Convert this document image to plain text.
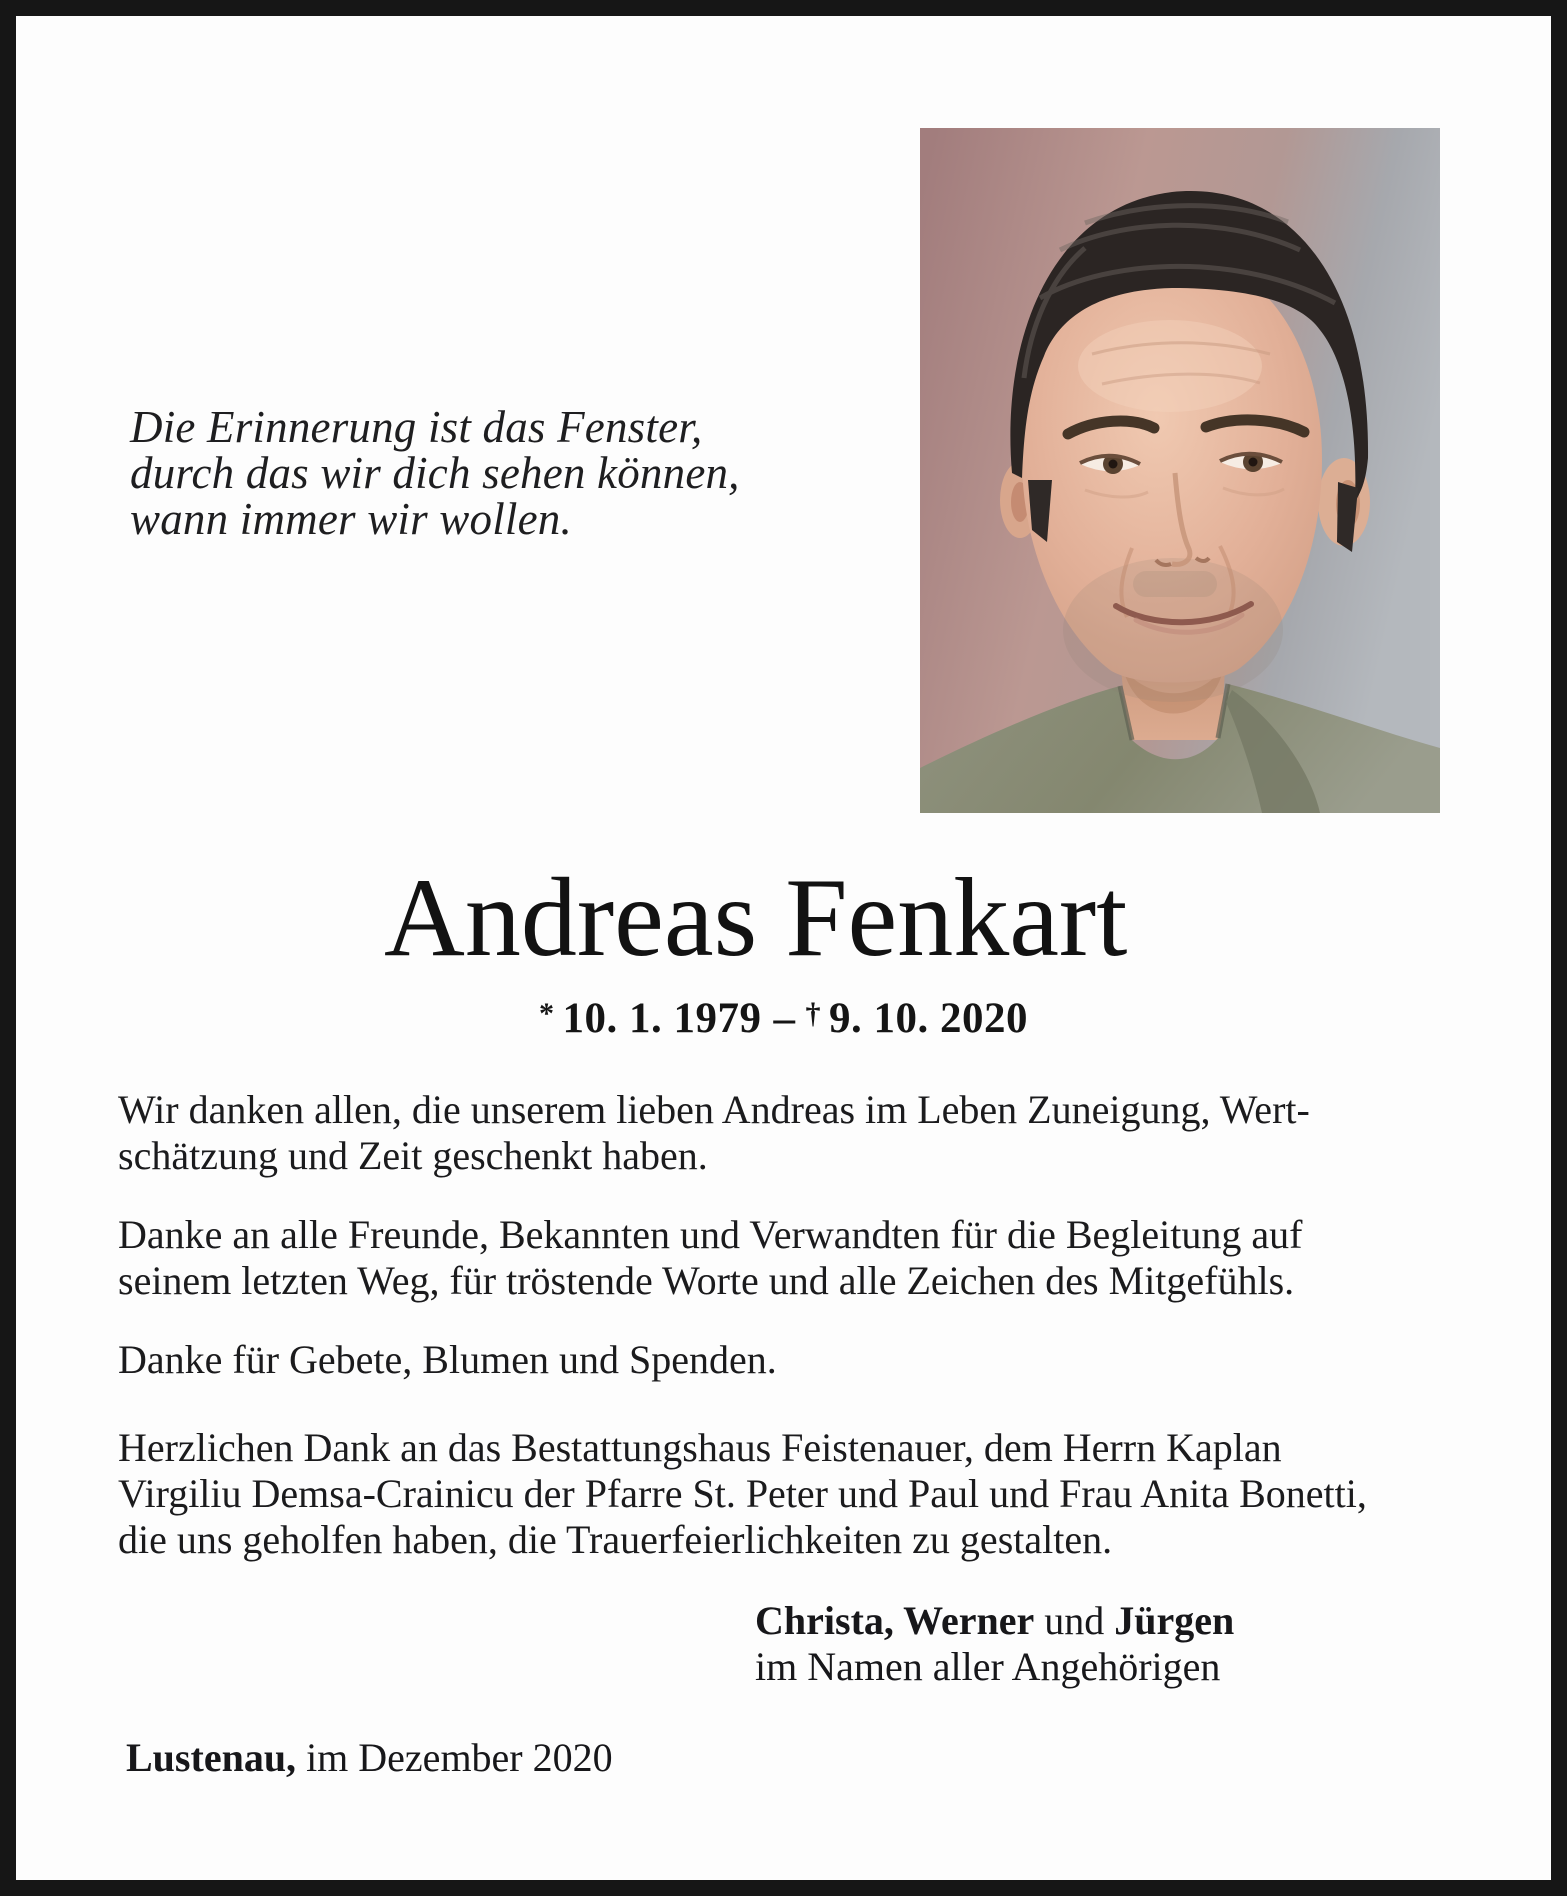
Die Erinnerung ist das Fenster,
durch das wir dich sehen können,
wann immer wir wollen.
Andreas Fenkart
* 10. 1. 1979 – † 9. 10. 2020
Wir danken allen, die unserem lieben Andreas im Leben Zuneigung, Wert-
schätzung und Zeit geschenkt haben.
Danke an alle Freunde, Bekannten und Verwandten für die Begleitung auf
seinem letzten Weg, für tröstende Worte und alle Zeichen des Mitgefühls.
Danke für Gebete, Blumen und Spenden.
Herzlichen Dank an das Bestattungshaus Feistenauer, dem Herrn Kaplan
Virgiliu Demsa-Crainicu der Pfarre St. Peter und Paul und Frau Anita Bonetti,
die uns geholfen haben, die Trauerfeierlichkeiten zu gestalten.
Christa, Werner und Jürgen
im Namen aller Angehörigen
Lustenau, im Dezember 2020
